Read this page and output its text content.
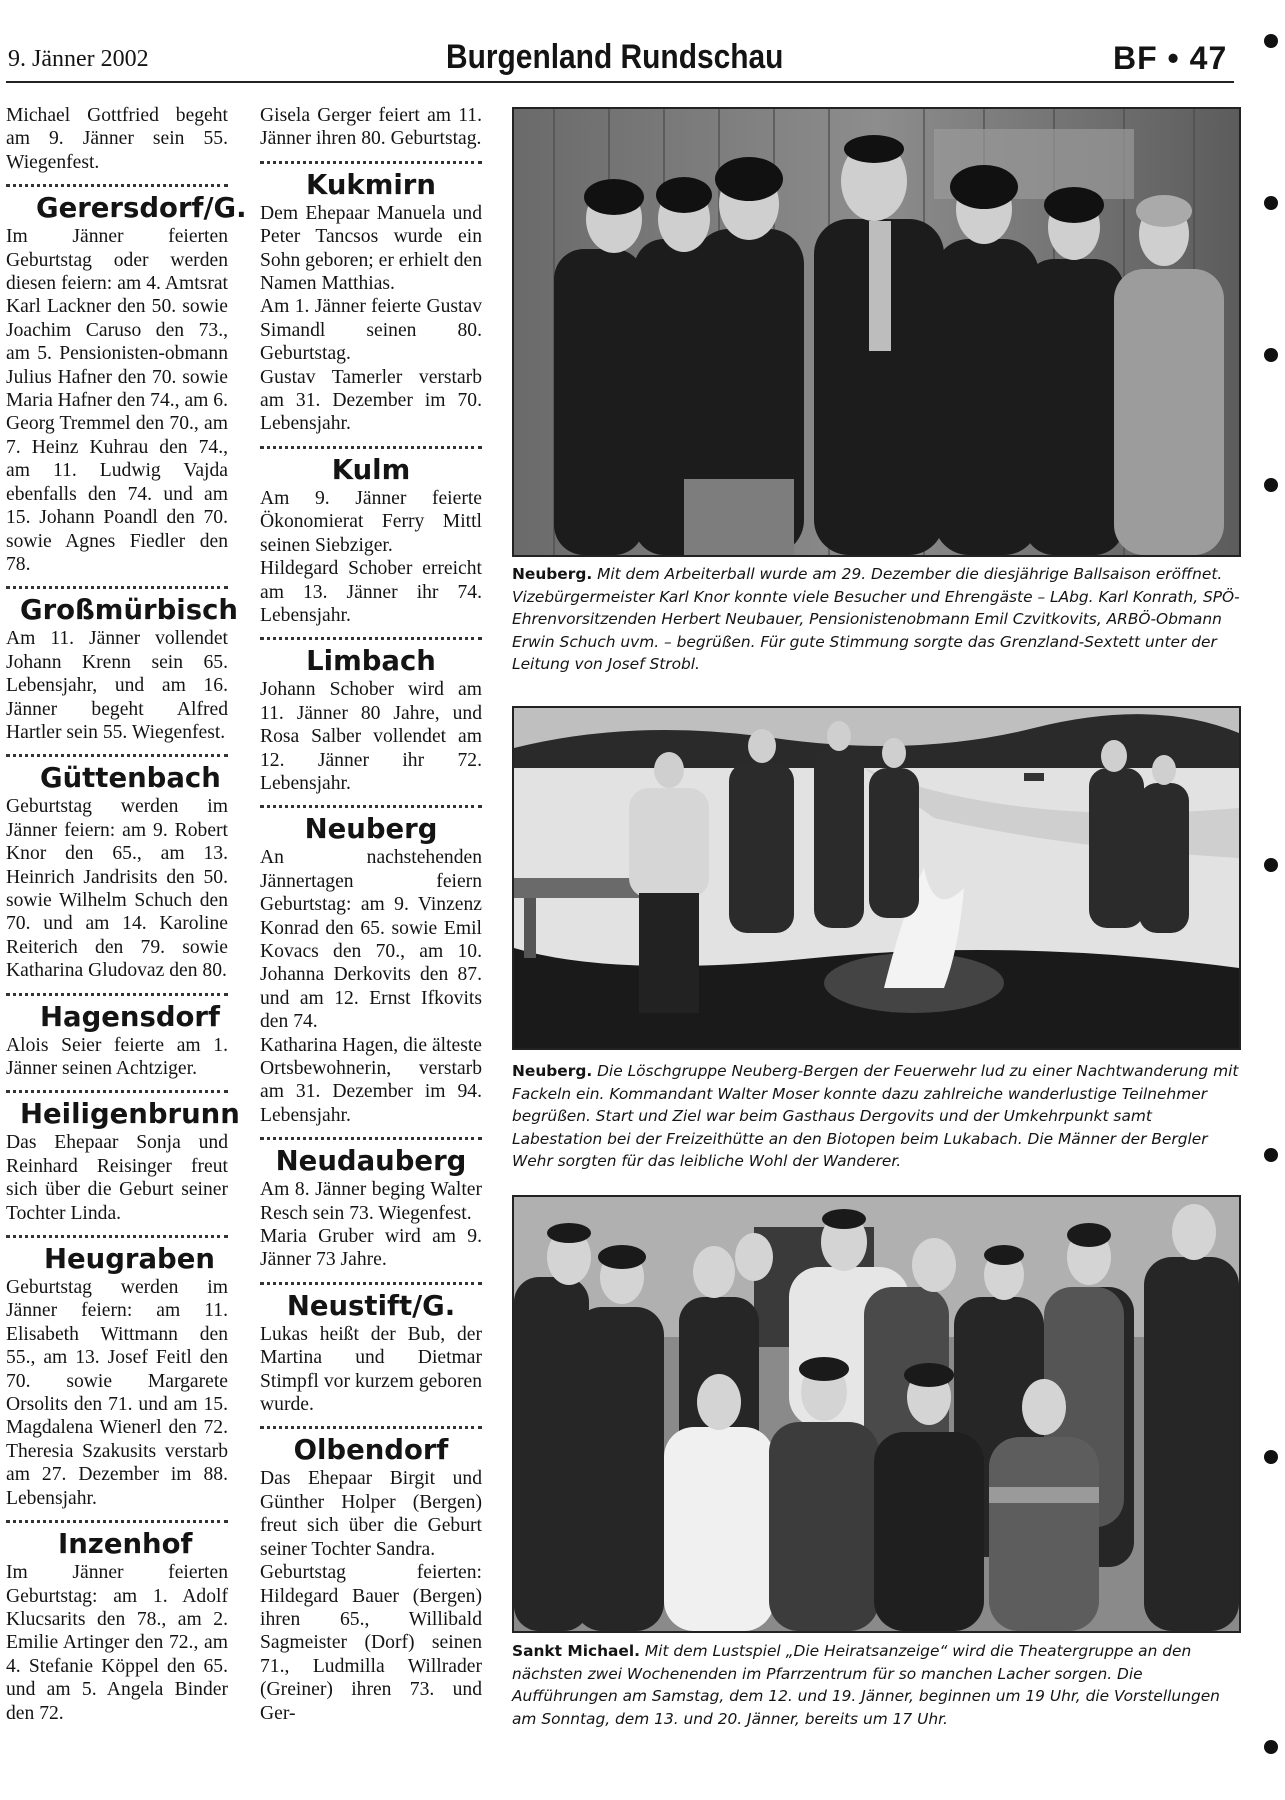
9. Jänner 2002	Burgenland Rundschau	BF • 47

Michael Gottfried begeht am 9. Jänner sein 55. Wiegenfest.

Gerersdorf/G.

Im Jänner feierten Geburtstag oder werden diesen feiern: am 4. Amtsrat Karl Lackner den 50. sowie Joachim Caruso den 73., am 5. Pensionisten-obmann Julius Hafner den 70. sowie Maria Hafner den 74., am 6. Georg Tremmel den 70., am 7. Heinz Kuhrau den 74., am 11. Ludwig Vajda ebenfalls den 74. und am 15. Johann Poandl den 70. sowie Agnes Fiedler den 78.

Großmürbisch

Am 11. Jänner vollendet Johann Krenn sein 65. Lebensjahr, und am 16. Jänner begeht Alfred Hartler sein 55. Wiegenfest.

Güttenbach

Geburtstag werden im Jänner feiern: am 9. Robert Knor den 65., am 13. Heinrich Jandrisits den 50. sowie Wilhelm Schuch den 70. und am 14. Karoline Reiterich den 79. sowie Katharina Gludovaz den 80.

Hagensdorf

Alois Seier feierte am 1. Jänner seinen Achtziger.

Heiligenbrunn

Das Ehepaar Sonja und Reinhard Reisinger freut sich über die Geburt seiner Tochter Linda.

Heugraben

Geburtstag werden im Jänner feiern: am 11. Elisabeth Wittmann den 55., am 13. Josef Feitl den 70. sowie Margarete Orsolits den 71. und am 15. Magdalena Wienerl den 72. Theresia Szakusits verstarb am 27. Dezember im 88. Lebensjahr.

Inzenhof

Im Jänner feierten Geburtstag: am 1. Adolf Klucsarits den 78., am 2. Emilie Artinger den 72., am 4. Stefanie Köppel den 65. und am 5. Angela Binder den 72.

Gisela Gerger feiert am 11. Jänner ihren 80. Geburtstag.

Kukmirn

Dem Ehepaar Manuela und Peter Tancsos wurde ein Sohn geboren; er erhielt den Namen Matthias.

Am 1. Jänner feierte Gustav Simandl seinen 80. Geburtstag.

Gustav Tamerler verstarb am 31. Dezember im 70. Lebensjahr.

Kulm

Am 9. Jänner feierte Ökonomierat Ferry Mittl seinen Siebziger.

Hildegard Schober erreicht am 13. Jänner ihr 74. Lebensjahr.

Limbach

Johann Schober wird am 11. Jänner 80 Jahre, und Rosa Salber vollendet am 12. Jänner ihr 72. Lebensjahr.

Neuberg

An nachstehenden Jännertagen feiern Geburtstag: am 9. Vinzenz Konrad den 65. sowie Emil Kovacs den 70., am 10. Johanna Derkovits den 87. und am 12. Ernst Ifkovits den 74.

Katharina Hagen, die älteste Ortsbewohnerin, verstarb am 31. Dezember im 94. Lebensjahr.

Neudauberg

Am 8. Jänner beging Walter Resch sein 73. Wiegenfest.

Maria Gruber wird am 9. Jänner 73 Jahre.

Neustift/G.

Lukas heißt der Bub, der Martina und Dietmar Stimpfl vor kurzem geboren wurde.

Olbendorf

Das Ehepaar Birgit und Günther Holper (Bergen) freut sich über die Geburt seiner Tochter Sandra.

Geburtstag feierten: Hildegard Bauer (Bergen) ihren 65., Willibald Sagmeister (Dorf) seinen 71., Ludmilla Willrader (Greiner) ihren 73. und Ger-

Neuberg. Mit dem Arbeiterball wurde am 29. Dezember die diesjährige Ballsaison eröffnet. Vizebürgermeister Karl Knor konnte viele Besucher und Ehrengäste – LAbg. Karl Konrath, SPÖ-Ehrenvorsitzenden Herbert Neubauer, Pensionistenobmann Emil Czvitkovits, ARBÖ-Obmann Erwin Schuch uvm. – begrüßen. Für gute Stimmung sorgte das Grenzland-Sextett unter der Leitung von Josef Strobl.
Neuberg. Die Löschgruppe Neuberg-Bergen der Feuerwehr lud zu einer Nachtwanderung mit Fackeln ein. Kommandant Walter Moser konnte dazu zahlreiche wanderlustige Teilnehmer begrüßen. Start und Ziel war beim Gasthaus Dergovits und der Umkehrpunkt samt Labestation bei der Freizeithütte an den Biotopen beim Lukabach. Die Männer der Bergler Wehr sorgten für das leibliche Wohl der Wanderer.
Sankt Michael. Mit dem Lustspiel „Die Heiratsanzeige“ wird die Theatergruppe an den nächsten zwei Wochenenden im Pfarrzentrum für so manchen Lacher sorgen. Die Aufführungen am Samstag, dem 12. und 19. Jänner, beginnen um 19 Uhr, die Vorstellungen am Sonntag, dem 13. und 20. Jänner, bereits um 17 Uhr.
